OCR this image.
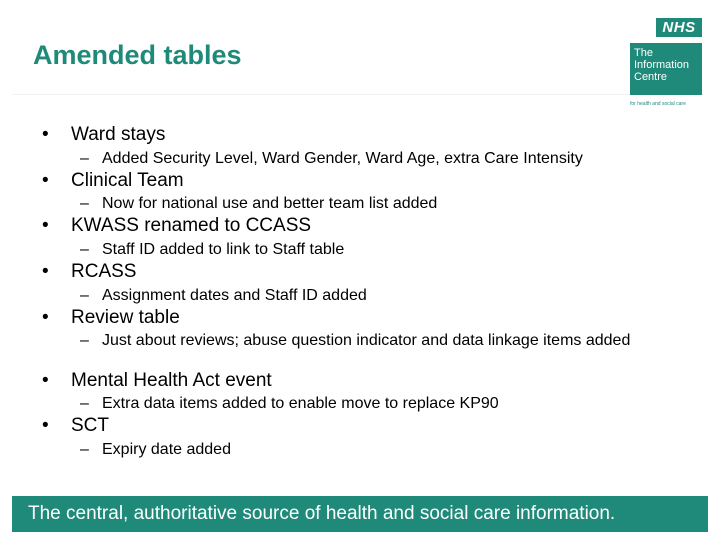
Amended tables
NHS
The
Information
Centre
for health and social care
• Ward stays
– Added Security Level, Ward Gender, Ward Age, extra Care Intensity
• Clinical Team
– Now for national use and better team list added
• KWASS renamed to CCASS
– Staff ID added to link to Staff table
• RCASS
– Assignment dates and Staff ID added
• Review table
– Just about reviews; abuse question indicator and data linkage items added
• Mental Health Act event
– Extra data items added to enable move to replace KP90
• SCT
– Expiry date added
The central, authoritative source of health and social care information.
